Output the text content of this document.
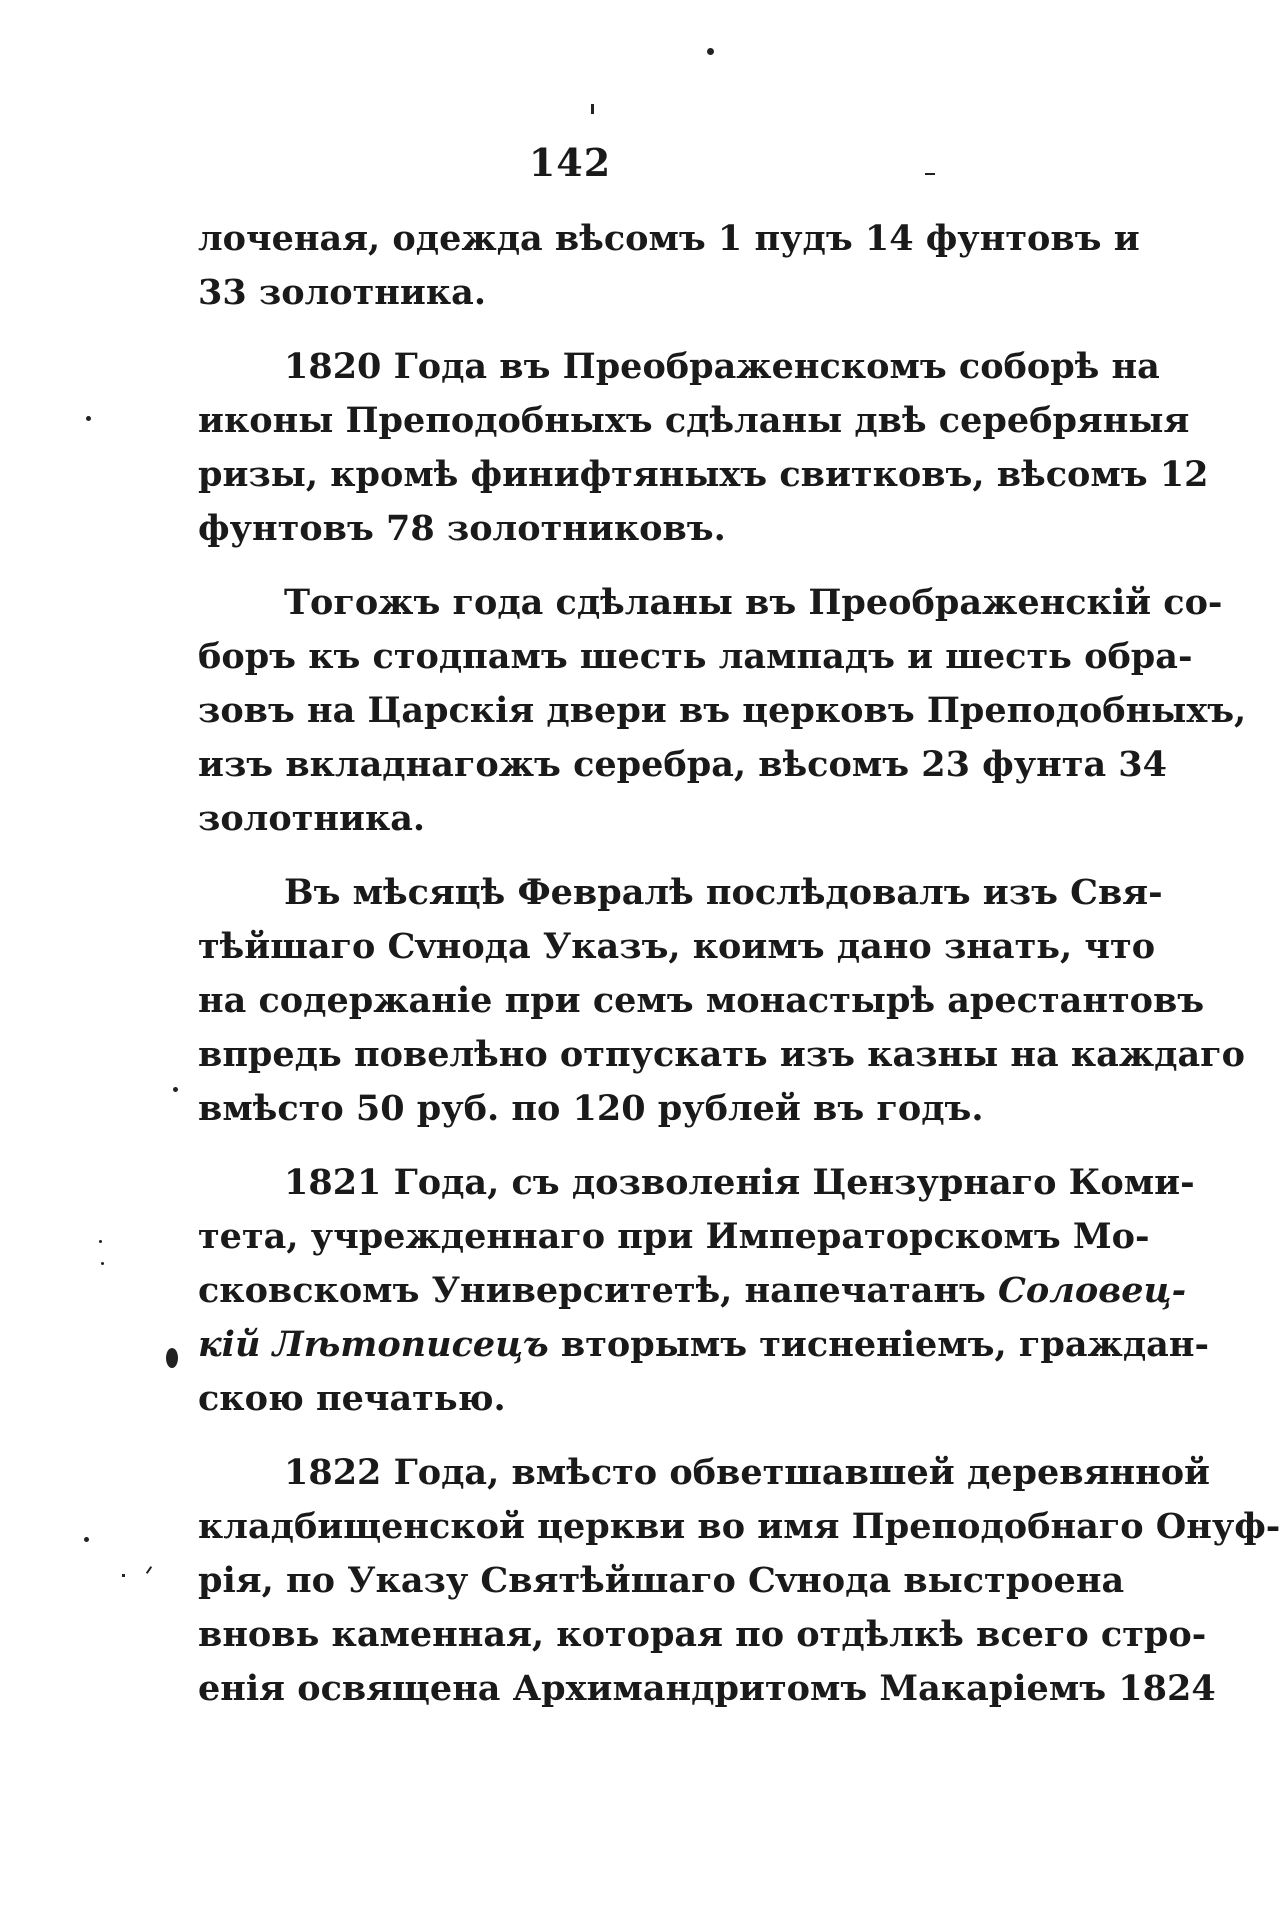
142
лоченая, одежда вѣсомъ 1 пудъ 14 фунтовъ и
33 золотника.
1820 Года въ Преображенскомъ соборѣ на
иконы Преподобныхъ сдѣланы двѣ серебряныя
ризы, кромѣ финифтяныхъ свитковъ, вѣсомъ 12
фунтовъ 78 золотниковъ.
Тогожъ года сдѣланы въ Преображенскій со-
боръ къ стодпамъ шесть лампадъ и шесть обра-
зовъ на Царскія двери въ церковъ Преподобныхъ,
изъ вкладнагожъ серебра, вѣсомъ 23 фунта 34
золотника.
Въ мѣсяцѣ Февралѣ послѣдовалъ изъ Свя-
тѣйшаго Сvнода Указъ, коимъ дано знать, что
на содержаніе при семъ монастырѣ арестантовъ
впредь повелѣно отпускать изъ казны на каждаго
вмѣсто 50 руб. по 120 рублей въ годъ.
1821 Года, съ дозволенія Цензурнаго Коми-
тета, учрежденнаго при Императорскомъ Мо-
сковскомъ Университетѣ, напечатанъ Соловец-
кій Лѣтописецъ вторымъ тисненіемъ, граждан-
скою печатью.
1822 Года, вмѣсто обветшавшей деревянной
кладбищенской церкви во имя Преподобнаго Онуф-
рія, по Указу Святѣйшаго Сvнода выстроена
вновь каменная, которая по отдѣлкѣ всего стро-
енія освящена Архимандритомъ Макаріемъ 1824
